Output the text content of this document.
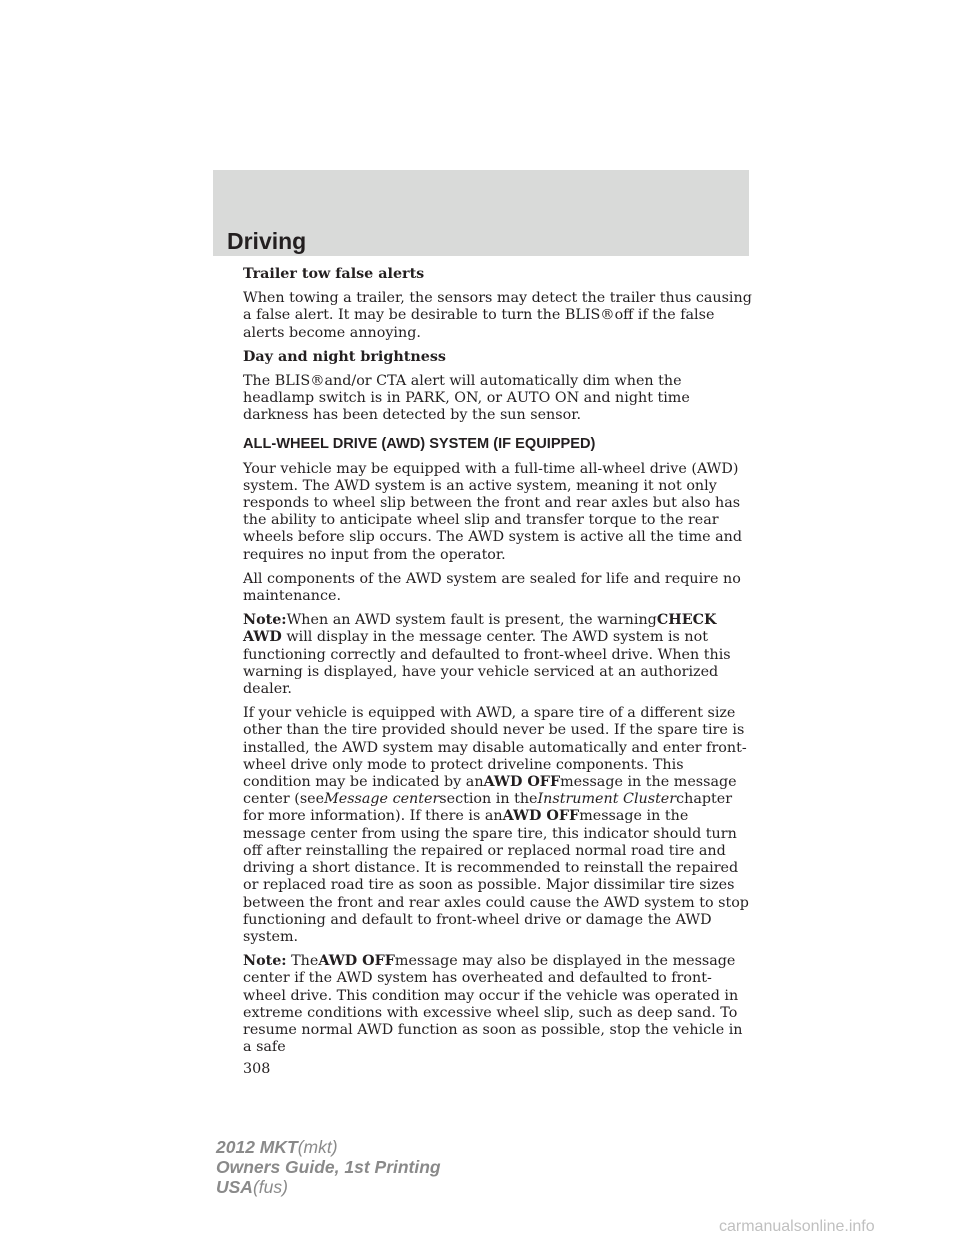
Driving
Trailer tow false alerts

When towing a trailer, the sensors may detect the trailer thus causing a false alert. It may be desirable to turn the BLIS®off if the false alerts become annoying.

Day and night brightness

The BLIS®and/or CTA alert will automatically dim when the headlamp switch is in PARK, ON, or AUTO ON and night time darkness has been detected by the sun sensor.

ALL-WHEEL DRIVE (AWD) SYSTEM (IF EQUIPPED)

Your vehicle may be equipped with a full-time all-wheel drive (AWD) system. The AWD system is an active system, meaning it not only responds to wheel slip between the front and rear axles but also has the ability to anticipate wheel slip and transfer torque to the rear wheels before slip occurs. The AWD system is active all the time and requires no input from the operator.

All components of the AWD system are sealed for life and require no maintenance.

Note:When an AWD system fault is present, the warningCHECK AWD will display in the message center. The AWD system is not functioning correctly and defaulted to front-wheel drive. When this warning is displayed, have your vehicle serviced at an authorized dealer.

If your vehicle is equipped with AWD, a spare tire of a different size other than the tire provided should never be used. If the spare tire is installed, the AWD system may disable automatically and enter front-wheel drive only mode to protect driveline components. This condition may be indicated by anAWD OFFmessage in the message center (seeMessage centersection in theInstrument Clusterchapter for more information). If there is anAWD OFFmessage in the message center from using the spare tire, this indicator should turn off after reinstalling the repaired or replaced normal road tire and driving a short distance. It is recommended to reinstall the repaired or replaced road tire as soon as possible. Major dissimilar tire sizes between the front and rear axles could cause the AWD system to stop functioning and default to front-wheel drive or damage the AWD system.

Note: TheAWD OFFmessage may also be displayed in the message center if the AWD system has overheated and defaulted to front-wheel drive. This condition may occur if the vehicle was operated in extreme conditions with excessive wheel slip, such as deep sand. To resume normal AWD function as soon as possible, stop the vehicle in a safe

308
2012 MKT(mkt)
Owners Guide, 1st Printing
USA(fus)
carmanualsonline.info
